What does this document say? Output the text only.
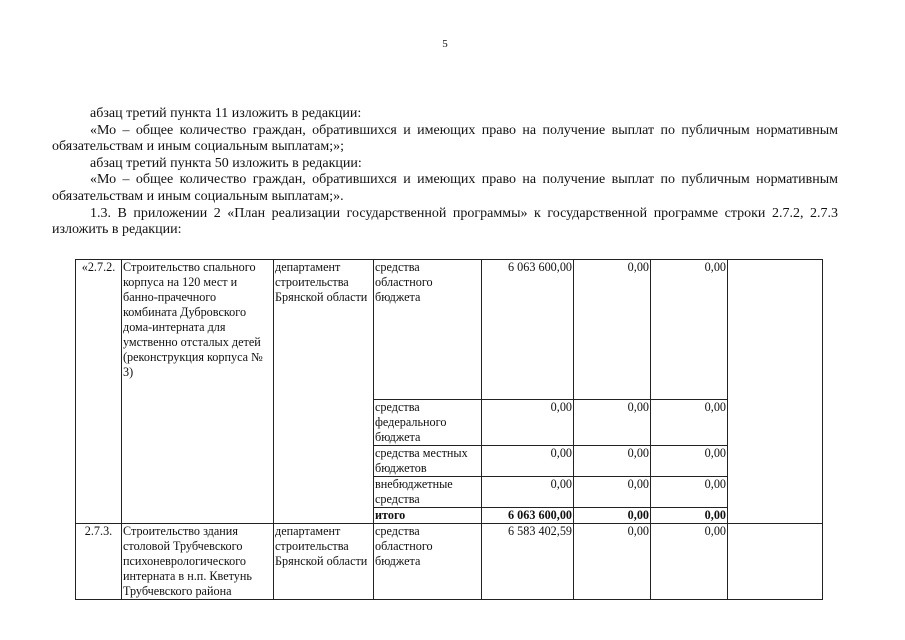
5

абзац третий пункта 11 изложить в редакции:

«Мо – общее количество граждан, обратившихся и имеющих право на получение выплат по публичным нормативным обязательствам и иным социальным выплатам;»;

абзац третий пункта 50 изложить в редакции:

«Мо – общее количество граждан, обратившихся и имеющих право на получение выплат по публичным нормативным обязательствам и иным социальным выплатам;».

1.3. В приложении 2 «План реализации государственной программы» к государственной программе строки 2.7.2, 2.7.3 изложить в редакции:

«2.7.2.	Строительство спального корпуса на 120 мест и банно-прачечного комбината Дубровского дома-интерната для умственно отсталых детей (реконструкция корпуса № 3)	департамент строительства Брянской области	средства областного бюджета	6 063 600,00	0,00	0,00	
			средства федерального бюджета	0,00	0,00	0,00	
			средства местных бюджетов	0,00	0,00	0,00	
			внебюджетные средства	0,00	0,00	0,00	
			итого	6 063 600,00	0,00	0,00	
2.7.3.	Строительство здания столовой Трубчевского психоневрологического интерната в н.п. Кветунь Трубчевского района	департамент строительства Брянской области	средства областного бюджета	6 583 402,59	0,00	0,00	
